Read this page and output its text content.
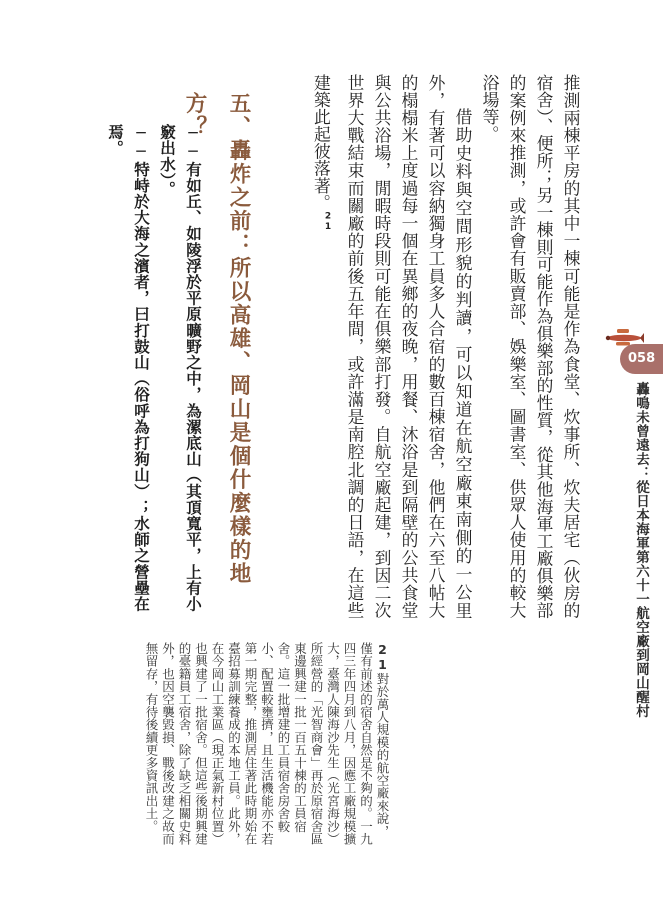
推測兩棟平房的其中一棟可能是作為食堂、炊事所、炊夫居宅（伙房的宿舍）、便所；另一棟則可能作為俱樂部的性質，從其他海軍工廠俱樂部的案例來推測，或許會有販賣部、娛樂室、圖書室、供眾人使用的較大浴場等。

借助史料與空間形貌的判讀，可以知道在航空廠東南側的一公里外，有著可以容納獨身工員多人合宿的數百棟宿舍，他們在六至八帖大的榻榻米上度過每一個在異鄉的夜晚，用餐、沐浴是到隔壁的公共食堂與公共浴場，閒暇時段則可能在俱樂部打發。自航空廠起建，到因二次世界大戰結束而關廠的前後五年間，或許滿是南腔北調的日語，在這些建築此起彼落著。$^{21}$

五、轟炸之前：所以高雄、岡山是個什麼樣的地方？

──有如丘、如陵浮於平原曠野之中，為漯底山（其頂寬平，上有小竅出水）。

──特峙於大海之濱者，曰打鼓山（俗呼為打狗山）；水師之營壘在焉。

21對於萬人規模的航空廠來說，僅有前述的宿舍自然是不夠的。一九四三年四月到八月，因應工廠規模擴大，臺灣人陳海沙先生（光宮海沙）所經營的「光智商會」再於原宿舍區東邊興建一批一百五十棟的工員宿舍。這一批增建的工員宿舍房舍較小、配置較壅擠，且生活機能亦不若第一期完整，推測居住著此時期始在臺招募訓練養成的本地工員。此外，在今岡山工業區（現正氣新村位置）也興建了一批宿舍。但這些後期興建的臺籍員工宿舍，除了缺乏相關史料外，也因空襲毀損、戰後改建之故而無留存，有待後續更多資訊出土。

058
轟鳴未曾遠去：從日本海軍第六十一航空廠到岡山醒村
